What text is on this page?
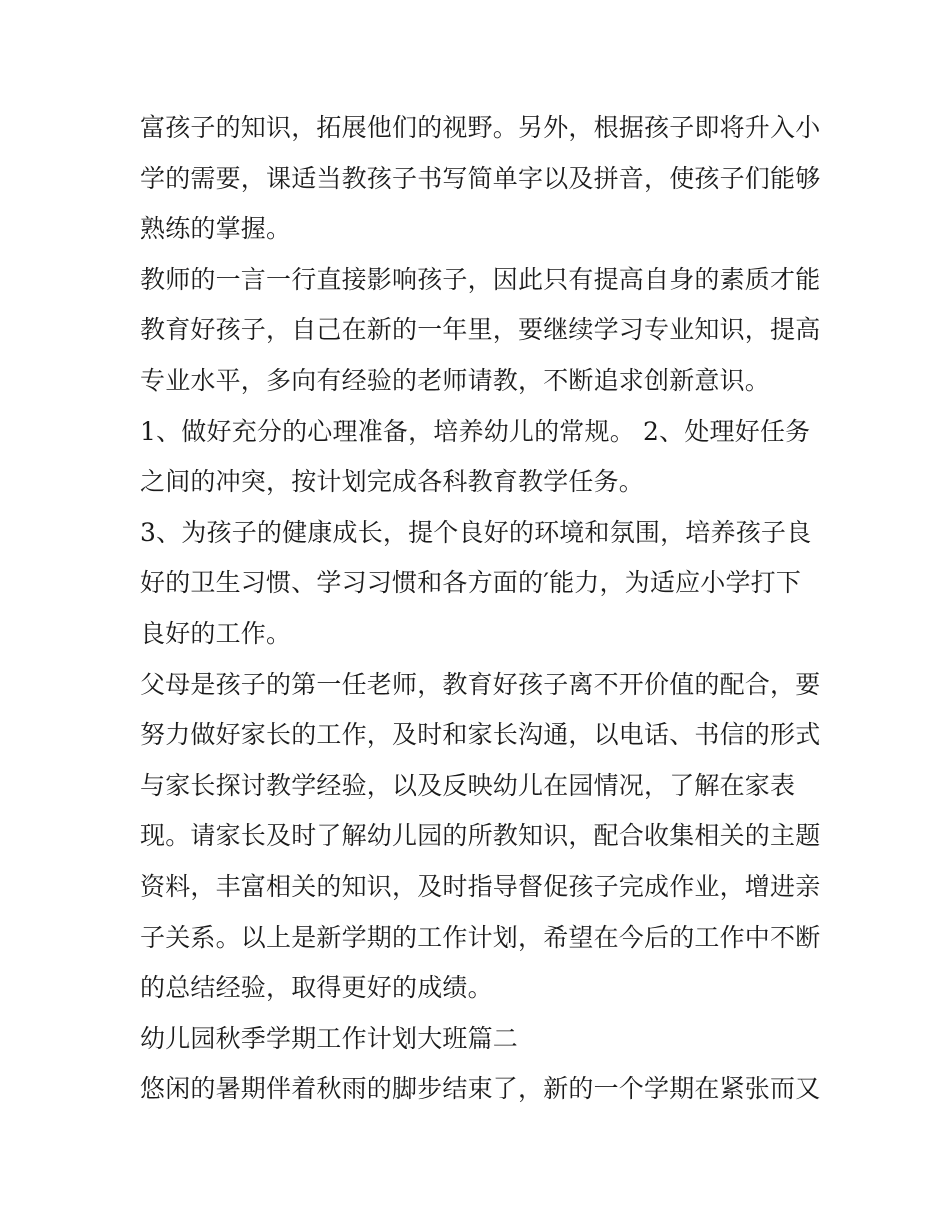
富孩子的知识，拓展他们的视野。另外，根据孩子即将升入小
学的需要，课适当教孩子书写简单字以及拼音，使孩子们能够
熟练的掌握。
教师的一言一行直接影响孩子，因此只有提高自身的素质才能
教育好孩子，自己在新的一年里，要继续学习专业知识，提高
专业水平，多向有经验的老师请教，不断追求创新意识。
1、做好充分的心理准备，培养幼儿的常规。 2、处理好任务
之间的冲突，按计划完成各科教育教学任务。
3、为孩子的健康成长，提个良好的环境和氛围，培养孩子良
好的卫生习惯、学习习惯和各方面的′能力，为适应小学打下
良好的工作。
父母是孩子的第一任老师，教育好孩子离不开价值的配合，要
努力做好家长的工作，及时和家长沟通，以电话、书信的形式
与家长探讨教学经验，以及反映幼儿在园情况，了解在家表
现。请家长及时了解幼儿园的所教知识，配合收集相关的主题
资料，丰富相关的知识，及时指导督促孩子完成作业，增进亲
子关系。以上是新学期的工作计划，希望在今后的工作中不断
的总结经验，取得更好的成绩。
幼儿园秋季学期工作计划大班篇二
悠闲的暑期伴着秋雨的脚步结束了，新的一个学期在紧张而又
